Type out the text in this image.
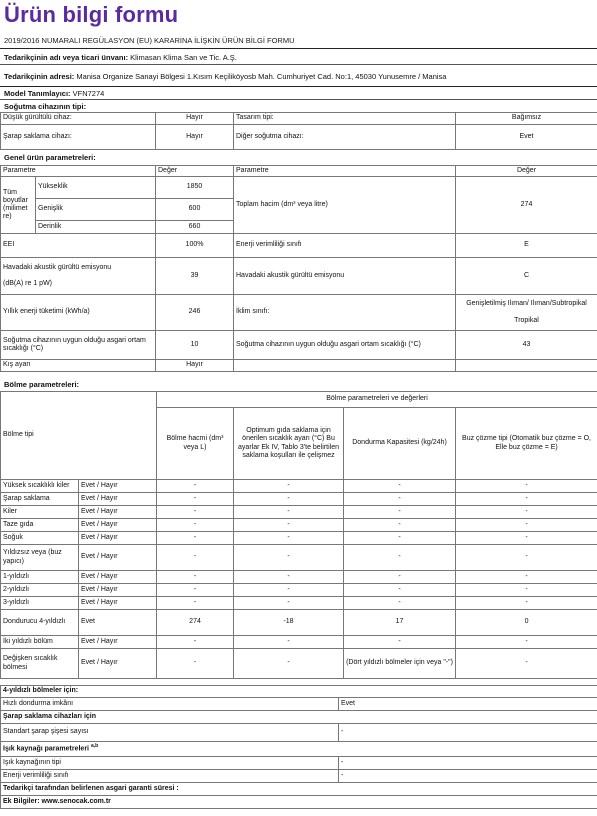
Ürün bilgi formu
2019/2016 NUMARALI REGÜLASYON (EU) KARARINA İLİŞKİN ÜRÜN BİLGİ FORMU
Tedarikçinin adı veya ticari ünvanı: Klimasan Klima San ve Tic. A.Ş.
Tedarikçinin adresi: Manisa Organize Sanayi Bölgesi 1.Kısım Keçiliköyosb Mah. Cumhuriyet Cad. No:1, 45030 Yunusemre / Manisa
Model Tanımlayıcı: VFN7274
Soğutma cihazının tipi:
Düşük gürültülü cihaz:	Hayır	Tasarım tipi:	Bağımsız
Şarap saklama cihazı:	Hayır	Diğer soğutma cihazı:	Evet
Genel ürün parametreleri:
Parametre		Değer	Parametre	Değer
Tüm boyutlar (milimet re)	Yükseklik	1850	Toplam hacim (dm³ veya litre)	274
	Genişlik	600		
	Derinlik	660		
EEI		100%	Enerji verimliliği sınıfı	E

Havadaki akustik gürültü emisyonu
(dB(A) re 1 pW)		39	Havadaki akustik gürültü emisyonu	C
Yıllık enerji tüketimi (kWh/a)		246	İklim sınıfı:	Genişletilmiş Ilıman/ Ilıman/Subtropikal
Tropikal

Soğutma cihazının uygun olduğu asgari ortam sıcaklığı (°C)		10	Soğutma cihazının uygun olduğu asgari ortam sıcaklığı (°C)	43
Kış ayarı		Hayır		
Bölme parametreleri:
Bölme tipi		Bölme parametreleri ve değerleri			
		Bölme hacmi (dm³ veya L)	Optimum gıda saklama için önerilen sıcaklık ayarı (°C) Bu ayarlar Ek IV, Tablo 3'te belirtilen saklama koşulları ile çelişmez	Dondurma Kapasitesi (kg/24h)	Buz çözme tipi (Otomatik buz çözme = O, Elle buz çözme = E)
Yüksek sıcaklıklı kiler	Evet / Hayır	-	-	-	-
Şarap saklama	Evet / Hayır	-	-	-	-
Kiler	Evet / Hayır	-	-	-	-
Taze gıda	Evet / Hayır	-	-	-	-
Soğuk	Evet / Hayır	-	-	-	-
Yıldızsız veya (buz yapıcı)	Evet / Hayır	-	-	-	-
1-yıldızlı	Evet / Hayır	-	-	-	-
2-yıldızlı	Evet / Hayır	-	-	-	-
3-yıldızlı	Evet / Hayır	-	-	-	-
Dondurucu 4-yıldızlı	Evet	274	-18	17	0
İki yıldızlı bölüm	Evet / Hayır	-	-	-	-
Değişken sıcaklık bölmesi	Evet / Hayır	-	-	(Dört yıldızlı bölmeler için veya "-")	-
4-yıldızlı bölmeler için:	
Hızlı dondurma imkânı	Evet
Şarap saklama cihazları için	
Standart şarap şişesi sayısı	-
Işık kaynağı parametreleri $^{a,b}$
Işık kaynağının tipi	-
Enerji verimliliği sınıfı	-
Tedarikçi tarafından belirlenen asgari garanti süresi :	
Ek Bilgiler: www.senocak.com.tr	
